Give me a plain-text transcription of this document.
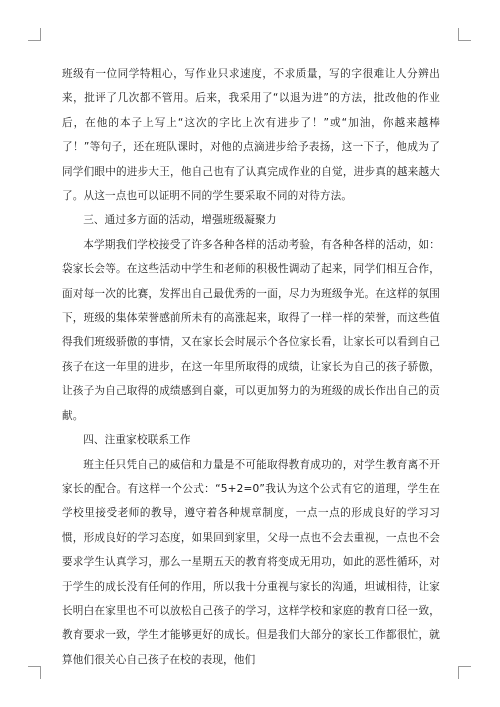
班级有一位同学特粗心，写作业只求速度，不求质量，写的字很难让人分辨出来，批评了几次都不管用。后来，我采用了“以退为进”的方法，批改他的作业后，在他的本子上写上“这次的字比上次有进步了！”或“加油，你越来越棒了！”等句子，还在班队课时，对他的点滴进步给予表扬，这一下子，他成为了同学们眼中的进步大王，他自己也有了认真完成作业的自觉，进步真的越来越大了。从这一点也可以证明不同的学生要采取不同的对待方法。

三、通过多方面的活动，增强班级凝聚力

本学期我们学校接受了许多各种各样的活动考验，有各种各样的活动，如：袋家长会等。在这些活动中学生和老师的积极性调动了起来，同学们相互合作，面对每一次的比赛，发挥出自己最优秀的一面，尽力为班级争光。在这样的氛围下，班级的集体荣誉感前所未有的高涨起来，取得了一样一样的荣誉，而这些值得我们班级骄傲的事情，又在家长会时展示个各位家长看，让家长可以看到自己孩子在这一年里的进步，在这一年里所取得的成绩，让家长为自己的孩子骄傲，让孩子为自己取得的成绩感到自豪，可以更加努力的为班级的成长作出自己的贡献。

四、注重家校联系工作

班主任只凭自己的威信和力量是不可能取得教育成功的，对学生教育离不开家长的配合。有这样一个公式：“5+2=0”我认为这个公式有它的道理，学生在学校里接受老师的教导，遵守着各种规章制度，一点一点的形成良好的学习习惯，形成良好的学习态度，如果回到家里，父母一点也不会去重视，一点也不会要求学生认真学习，那么一星期五天的教育将变成无用功，如此的恶性循环，对于学生的成长没有任何的作用，所以我十分重视与家长的沟通，坦诚相待，让家长明白在家里也不可以放松自己孩子的学习，这样学校和家庭的教育口径一致，教育要求一致，学生才能够更好的成长。但是我们大部分的家长工作都很忙，就算他们很关心自己孩子在校的表现，他们
